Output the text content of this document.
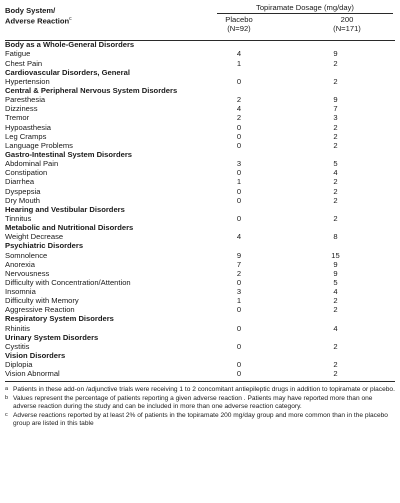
Body System/
Adverse Reaction$^c$
Topiramate Dosage (mg/day)
Placebo
(N=92)
200
(N=171)
Body as a Whole-General Disorders		
Fatigue	4	9
Chest Pain	1	2
Cardiovascular Disorders, General		
Hypertension	0	2
Central & Peripheral Nervous System Disorders		
Paresthesia	2	9
Dizziness	4	7
Tremor	2	3
Hypoasthesia	0	2
Leg Cramps	0	2
Language Problems	0	2
Gastro-Intestinal System Disorders		
Abdominal Pain	3	5
Constipation	0	4
Diarrhea	1	2
Dyspepsia	0	2
Dry Mouth	0	2
Hearing and Vestibular Disorders		
Tinnitus	0	2
Metabolic and Nutritional Disorders		
Weight Decrease	4	8
Psychiatric Disorders		
Somnolence	9	15
Anorexia	7	9
Nervousness	2	9
Difficulty with Concentration/Attention	0	5
Insomnia	3	4
Difficulty with Memory	1	2
Aggressive Reaction	0	2
Respiratory System Disorders		
Rhinitis	0	4
Urinary System Disorders		
Cystitis	0	2
Vision Disorders		
Diplopia	0	2
Vision Abnormal	0	2
a Patients in these add-on /adjunctive trials were receiving 1 to 2 concomitant antiepileptic drugs in addition to topiramate or placebo.
b Values represent the percentage of patients reporting a given adverse reaction . Patients may have reported more than one adverse reaction during the study and can be included in more than one adverse reaction category.
c Adverse reactions reported by at least 2% of patients in the topiramate 200 mg/day group and more common than in the placebo group are listed in this table
